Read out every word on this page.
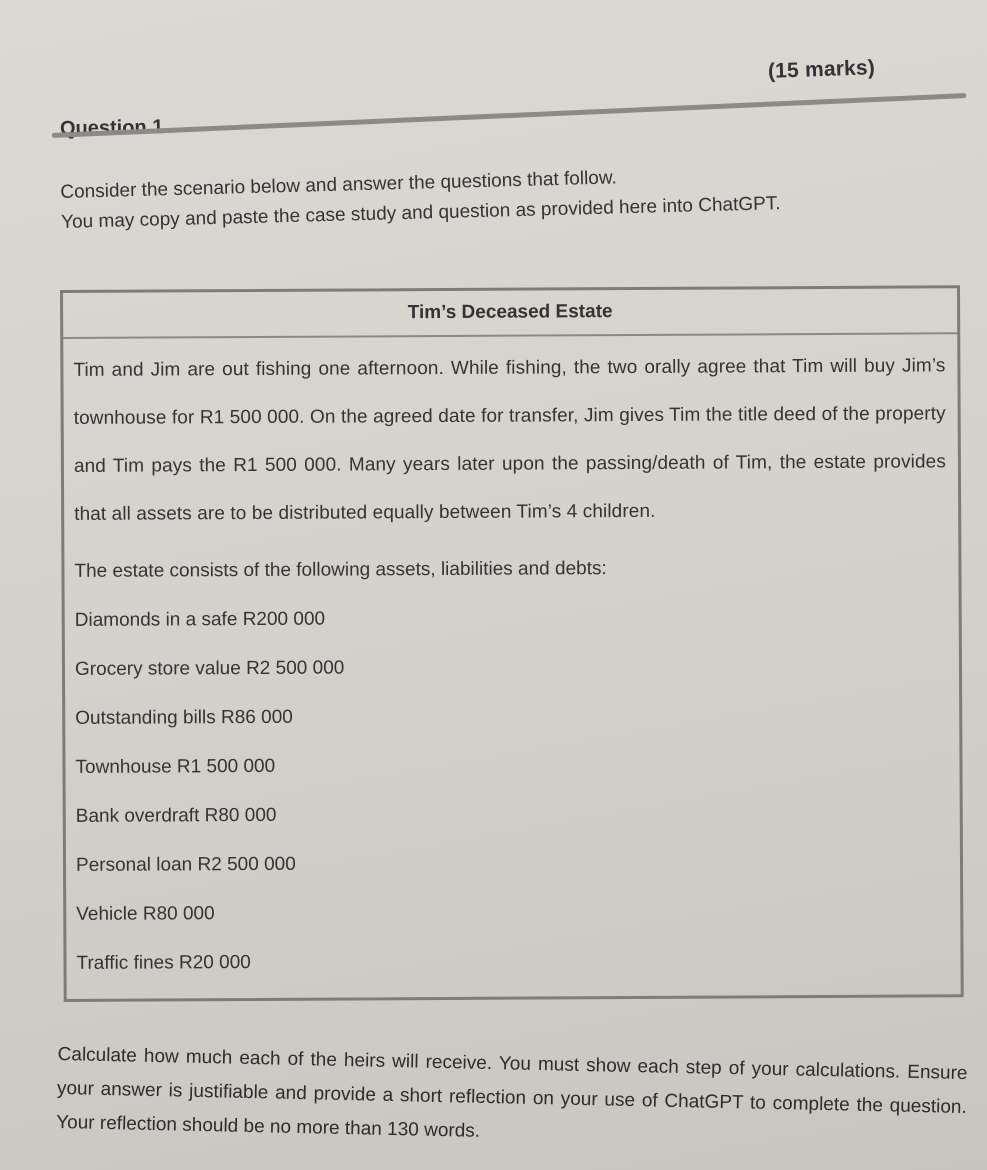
(15 marks)
Question 1

Consider the scenario below and answer the questions that follow.

You may copy and paste the case study and question as provided here into ChatGPT.

Tim’s Deceased Estate

Tim and Jim are out fishing one afternoon. While fishing, the two orally agree that Tim will buy Jim’s townhouse for R1 500 000. On the agreed date for transfer, Jim gives Tim the title deed of the property and Tim pays the R1 500 000. Many years later upon the passing/death of Tim, the estate provides that all assets are to be distributed equally between Tim’s 4 children.

The estate consists of the following assets, liabilities and debts:

Diamonds in a safe R200 000
Grocery store value R2 500 000
Outstanding bills R86 000
Townhouse R1 500 000
Bank overdraft R80 000
Personal loan R2 500 000
Vehicle R80 000
Traffic fines R20 000

Calculate how much each of the heirs will receive. You must show each step of your calculations. Ensure your answer is justifiable and provide a short reflection on your use of ChatGPT to complete the question. Your reflection should be no more than 130 words.
